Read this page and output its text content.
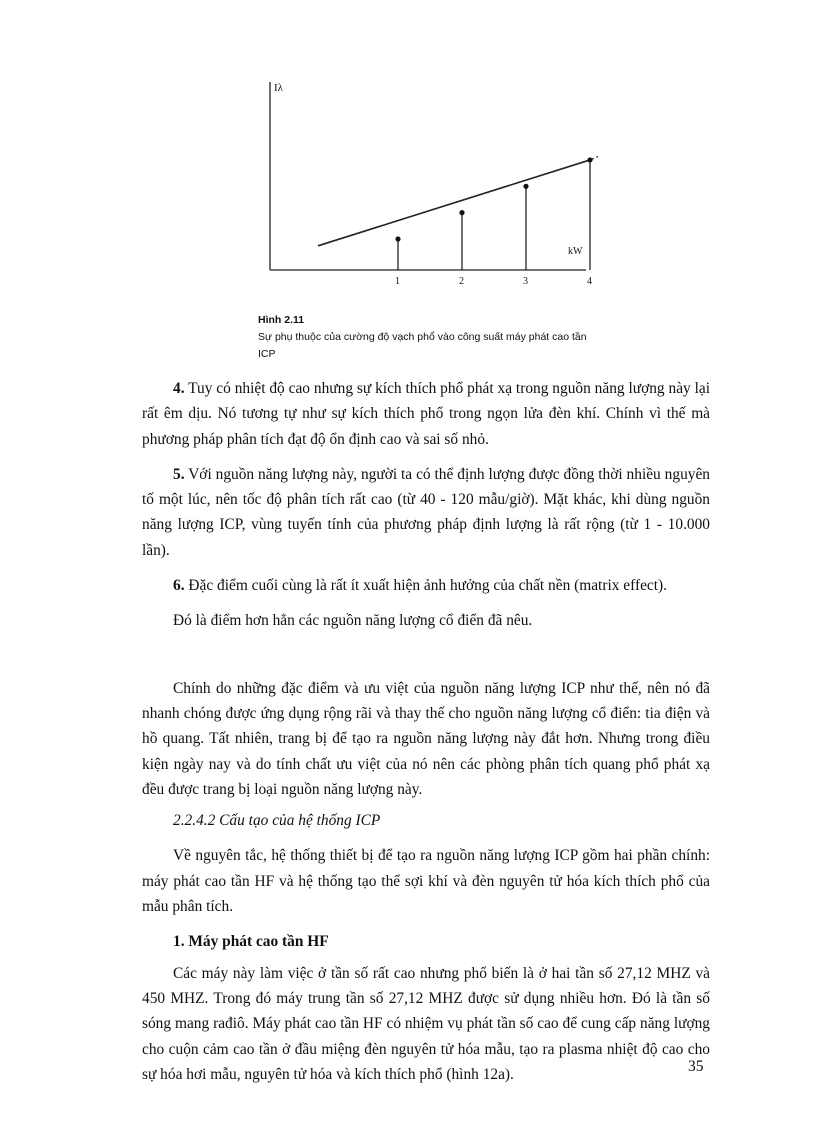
Iλ
kW
1	2	3	4
Hình 2.11
Sự phụ thuộc của cường độ vạch phổ vào công suất máy phát cao tần ICP

4. Tuy có nhiệt độ cao nhưng sự kích thích phổ phát xạ trong nguồn năng lượng này lại rất êm dịu. Nó tương tự như sự kích thích phổ trong ngọn lửa đèn khí. Chính vì thế mà phương pháp phân tích đạt độ ổn định cao và sai số nhỏ.

5. Với nguồn năng lượng này, người ta có thể định lượng được đồng thời nhiều nguyên tố một lúc, nên tốc độ phân tích rất cao (từ 40 - 120 mẫu/giờ). Mặt khác, khi dùng nguồn năng lượng ICP, vùng tuyến tính của phương pháp định lượng là rất rộng (từ 1 - 10.000 lần).

6. Đặc điểm cuối cùng là rất ít xuất hiện ảnh hưởng của chất nền (matrix effect).

Đó là điểm hơn hẳn các nguồn năng lượng cổ điển đã nêu.

Chính do những đặc điểm và ưu việt của nguồn năng lượng ICP như thế, nên nó đã nhanh chóng được ứng dụng rộng rãi và thay thế cho nguồn năng lượng cổ điển: tia điện và hồ quang. Tất nhiên, trang bị để tạo ra nguồn năng lượng này đắt hơn. Nhưng trong điều kiện ngày nay và do tính chất ưu việt của nó nên các phòng phân tích quang phổ phát xạ đều được trang bị loại nguồn năng lượng này.

2.2.4.2 Cấu tạo của hệ thống ICP

Về nguyên tắc, hệ thống thiết bị để tạo ra nguồn năng lượng ICP gồm hai phần chính: máy phát cao tần HF và hệ thống tạo thể sợi khí và đèn nguyên tử hóa kích thích phổ của mẫu phân tích.

1. Máy phát cao tần HF

Các máy này làm việc ở tần số rất cao nhưng phổ biến là ở hai tần số 27,12 MHZ và 450 MHZ. Trong đó máy trung tần số 27,12 MHZ được sử dụng nhiều hơn. Đó là tần số sóng mang rađiô. Máy phát cao tần HF có nhiệm vụ phát tần số cao để cung cấp năng lượng cho cuộn cảm cao tần ở đầu miệng đèn nguyên tử hóa mẫu, tạo ra plasma nhiệt độ cao cho sự hóa hơi mẫu, nguyên tử hóa và kích thích phổ (hình 12a).	35
